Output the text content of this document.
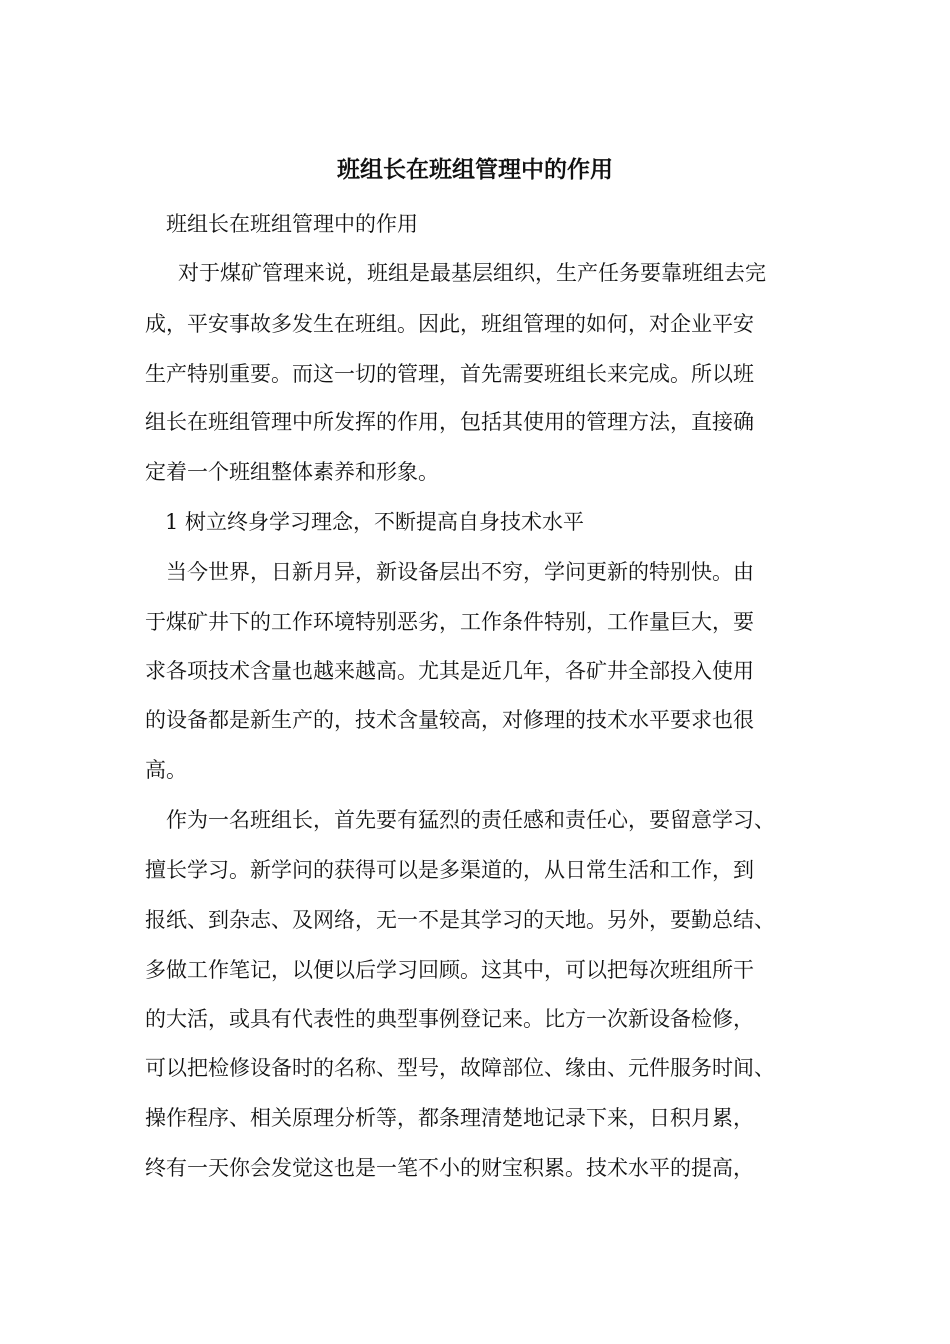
班组长在班组管理中的作用
班组长在班组管理中的作用
对于煤矿管理来说，班组是最基层组织，生产任务要靠班组去完
成，平安事故多发生在班组。因此，班组管理的如何，对企业平安
生产特别重要。而这一切的管理，首先需要班组长来完成。所以班
组长在班组管理中所发挥的作用，包括其使用的管理方法，直接确
定着一个班组整体素养和形象。
1 树立终身学习理念，不断提高自身技术水平
当今世界，日新月异，新设备层出不穷，学问更新的特别快。由
于煤矿井下的工作环境特别恶劣，工作条件特别，工作量巨大，要
求各项技术含量也越来越高。尤其是近几年，各矿井全部投入使用
的设备都是新生产的，技术含量较高，对修理的技术水平要求也很
高。
作为一名班组长，首先要有猛烈的责任感和责任心，要留意学习、
擅长学习。新学问的获得可以是多渠道的，从日常生活和工作，到
报纸、到杂志、及网络，无一不是其学习的天地。另外，要勤总结、
多做工作笔记，以便以后学习回顾。这其中，可以把每次班组所干
的大活，或具有代表性的典型事例登记来。比方一次新设备检修，
可以把检修设备时的名称、型号，故障部位、缘由、元件服务时间、
操作程序、相关原理分析等，都条理清楚地记录下来，日积月累，
终有一天你会发觉这也是一笔不小的财宝积累。技术水平的提高，
